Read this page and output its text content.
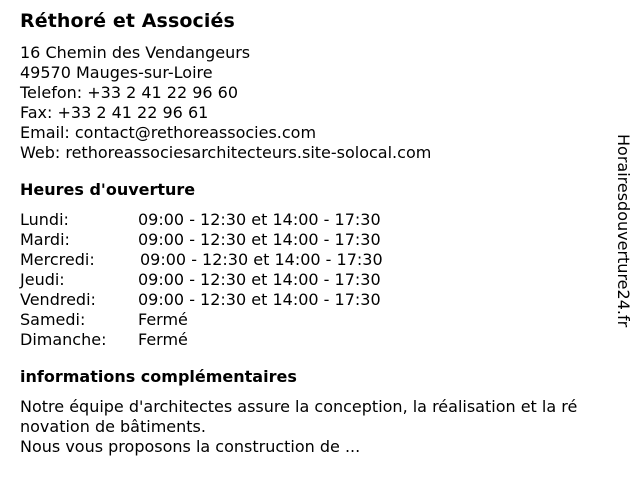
Réthoré et Associés
16 Chemin des Vendangeurs
49570 Mauges-sur-Loire
Telefon: +33 2 41 22 96 60
Fax: +33 2 41 22 96 61
Email: contact@rethoreassocies.com
Web: rethoreassociesarchitecteurs.site-solocal.com
Heures d'ouverture
Lundi:	09:00 - 12:30 et 14:00 - 17:30
Mardi:	09:00 - 12:30 et 14:00 - 17:30
Mercredi:	09:00 - 12:30 et 14:00 - 17:30
Jeudi:	09:00 - 12:30 et 14:00 - 17:30
Vendredi:	09:00 - 12:30 et 14:00 - 17:30
Samedi:	Fermé
Dimanche:	Fermé
informations complémentaires
Notre équipe d'architectes assure la conception, la réalisation et la rénovation de bâtiments.
Nous vous proposons la construction de ...
Horairesdouverture24.fr
